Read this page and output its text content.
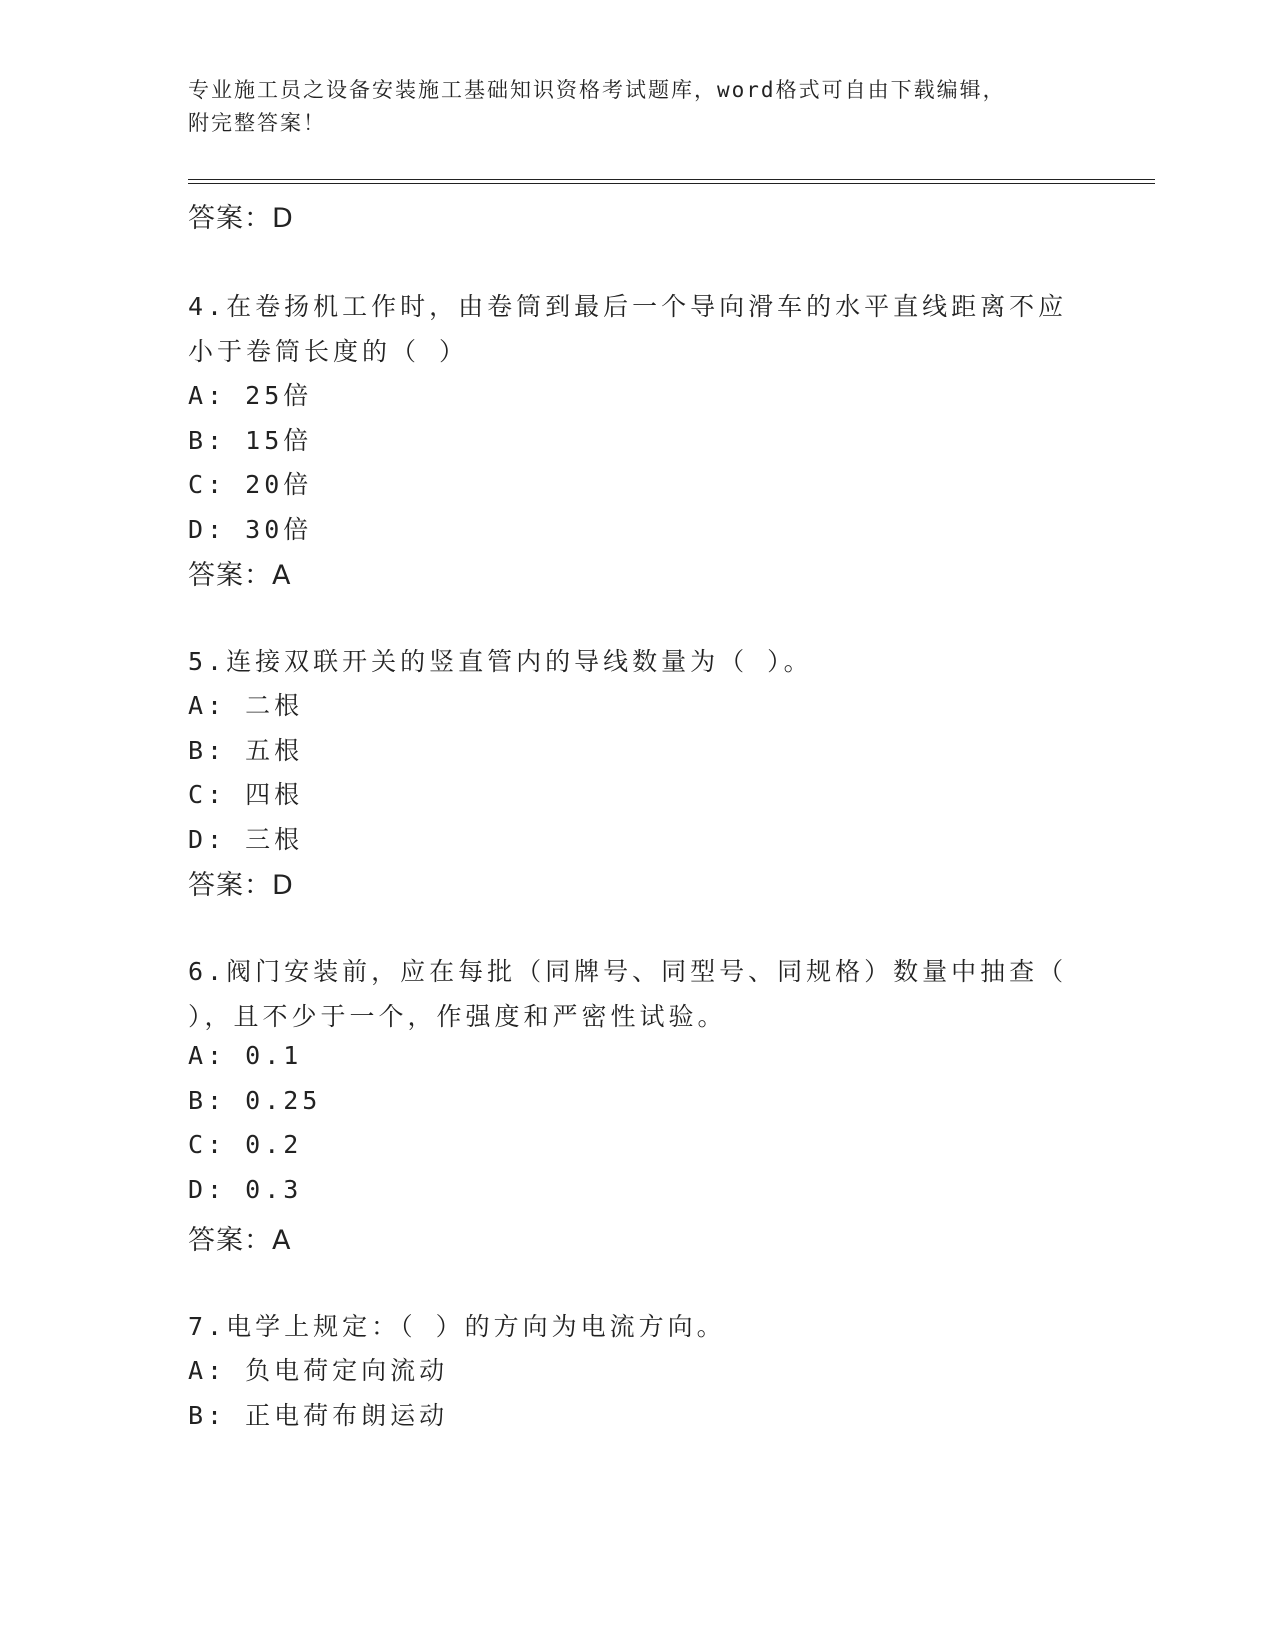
专业施工员之设备安装施工基础知识资格考试题库，word格式可自由下载编辑，
附完整答案！
答案：D
4.在卷扬机工作时，由卷筒到最后一个导向滑车的水平直线距离不应
小于卷筒长度的（ ）
A: 25倍
B: 15倍
C: 20倍
D: 30倍
答案：A
5.连接双联开关的竖直管内的导线数量为（ ）。
A: 二根
B: 五根
C: 四根
D: 三根
答案：D
6.阀门安装前，应在每批（同牌号、同型号、同规格）数量中抽查（
），且不少于一个，作强度和严密性试验。
A: 0.1
B: 0.25
C: 0.2
D: 0.3
答案：A
7.电学上规定：（ ）的方向为电流方向。
A: 负电荷定向流动
B: 正电荷布朗运动
